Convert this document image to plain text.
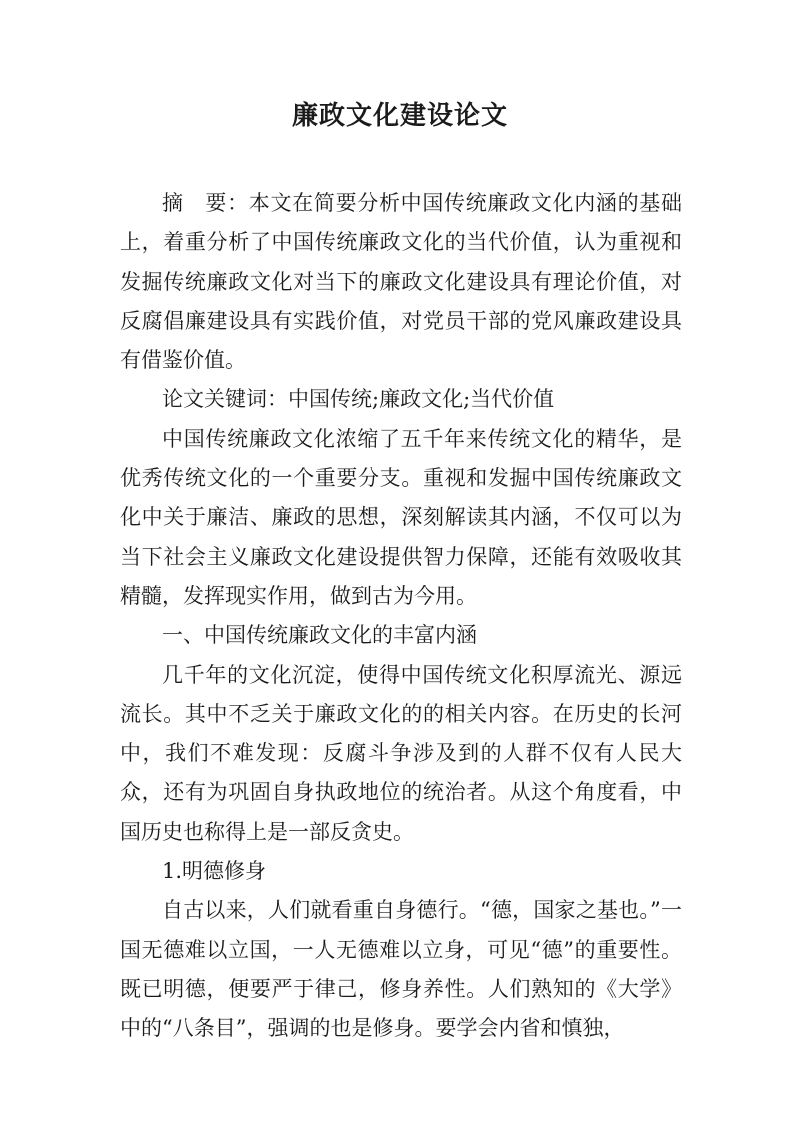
廉政文化建设论文

摘　要：本文在简要分析中国传统廉政文化内涵的基础上，着重分析了中国传统廉政文化的当代价值，认为重视和发掘传统廉政文化对当下的廉政文化建设具有理论价值，对反腐倡廉建设具有实践价值，对党员干部的党风廉政建设具有借鉴价值。

论文关键词：中国传统;廉政文化;当代价值

中国传统廉政文化浓缩了五千年来传统文化的精华，是优秀传统文化的一个重要分支。重视和发掘中国传统廉政文化中关于廉洁、廉政的思想，深刻解读其内涵，不仅可以为当下社会主义廉政文化建设提供智力保障，还能有效吸收其精髓，发挥现实作用，做到古为今用。

一、中国传统廉政文化的丰富内涵

几千年的文化沉淀，使得中国传统文化积厚流光、源远流长。其中不乏关于廉政文化的的相关内容。在历史的长河中，我们不难发现：反腐斗争涉及到的人群不仅有人民大众，还有为巩固自身执政地位的统治者。从这个角度看，中国历史也称得上是一部反贪史。

1.明德修身

自古以来，人们就看重自身德行。“德，国家之基也。”一国无德难以立国，一人无德难以立身，可见“德”的重要性。既已明德，便要严于律己，修身养性。人们熟知的《大学》中的“八条目”，强调的也是修身。要学会内省和慎独，
